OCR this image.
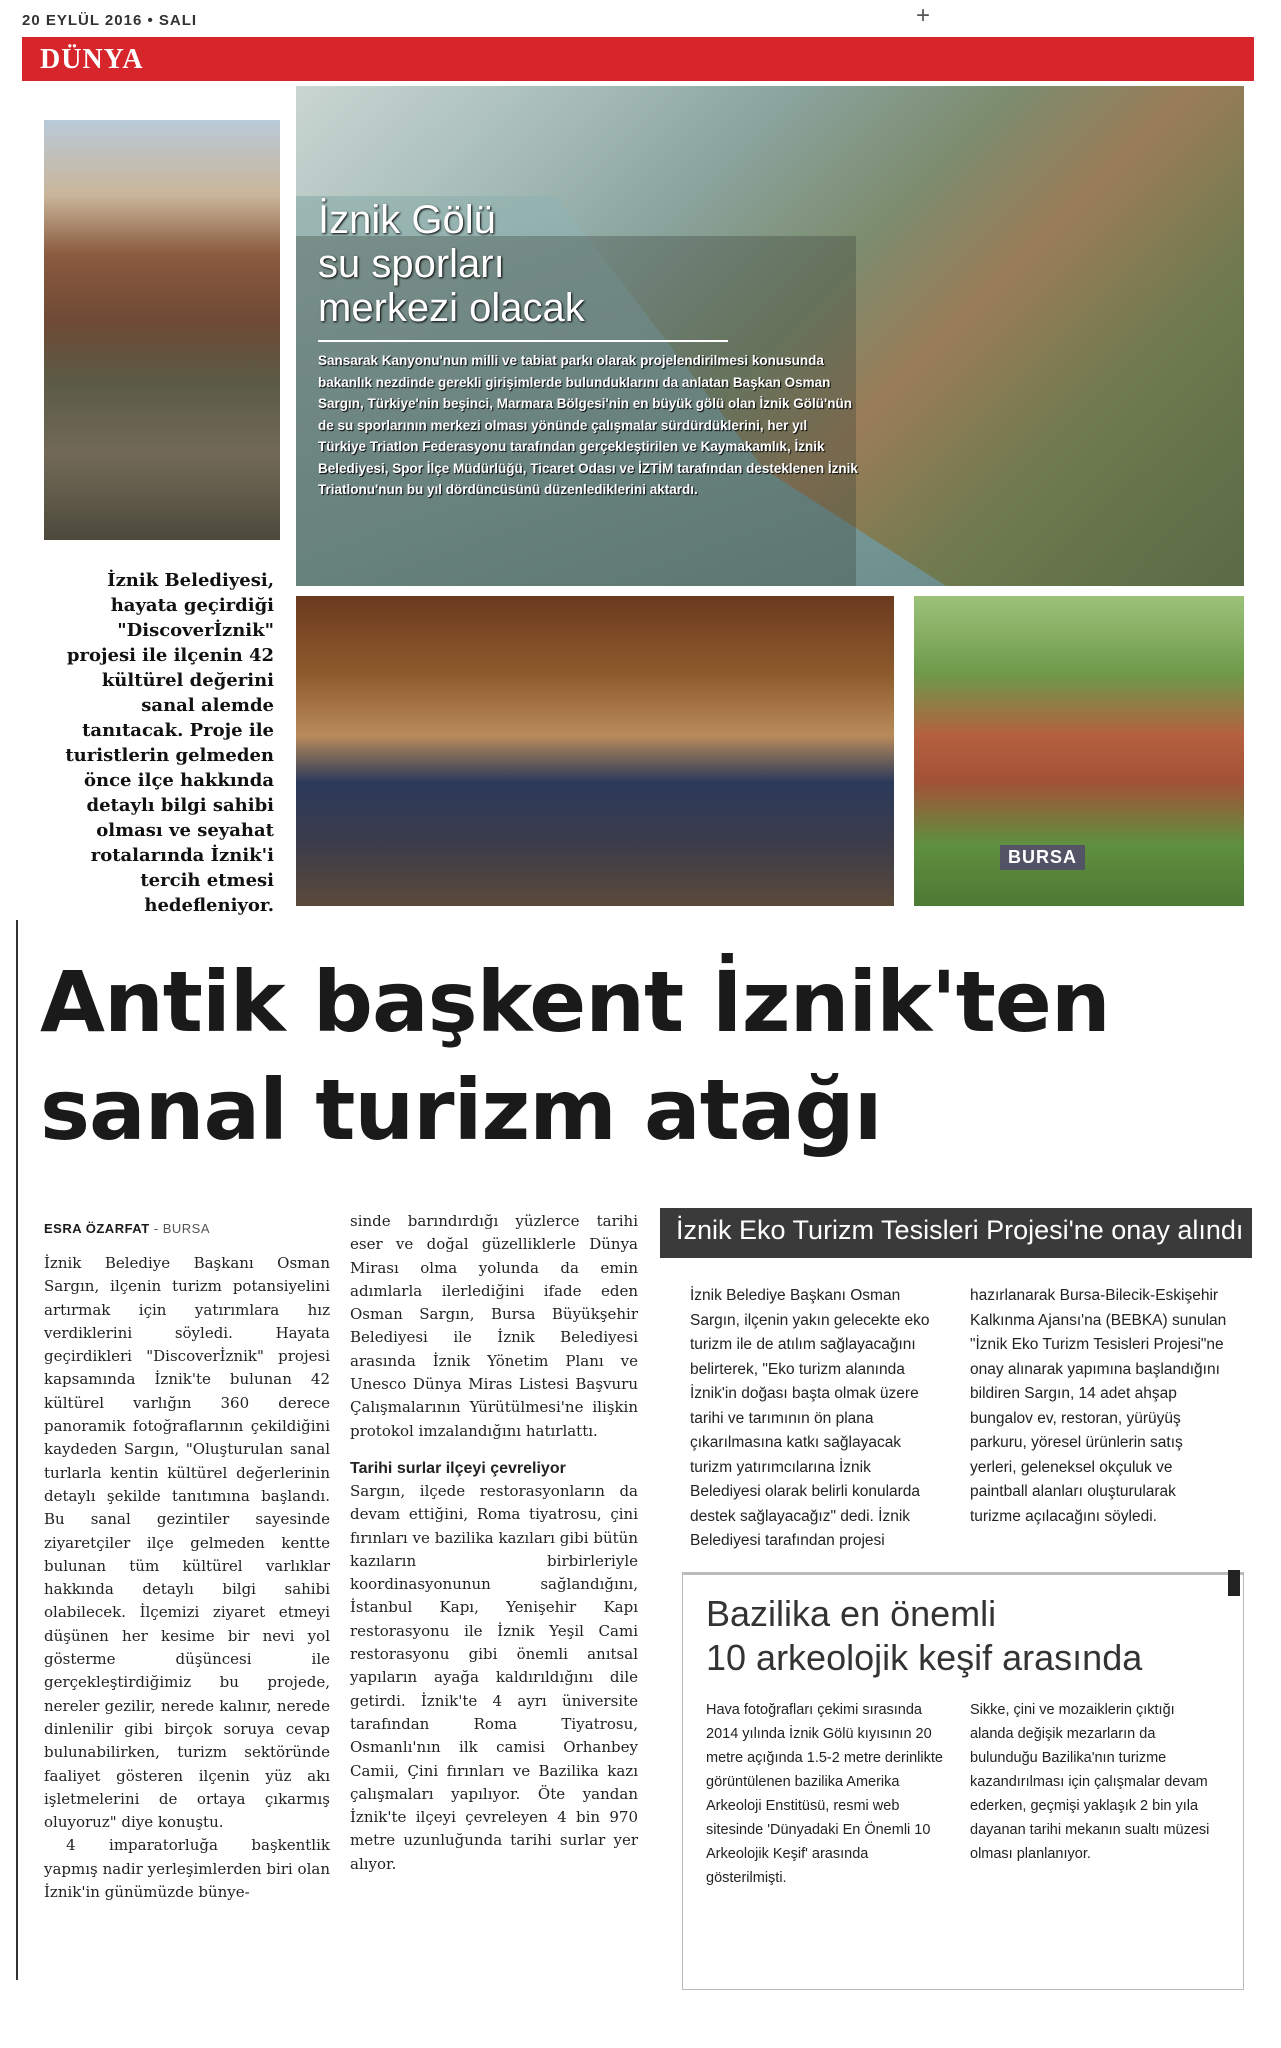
20 EYLÜL 2016 • SALI	+
DÜNYA
BURSA
İznik Gölü
su sporları
merkezi olacak
Sansarak Kanyonu'nun milli ve tabiat parkı olarak projelendirilmesi konusunda bakanlık nezdinde gerekli girişimlerde bulunduklarını da anlatan Başkan Osman Sargın, Türkiye'nin beşinci, Marmara Bölgesi'nin en büyük gölü olan İznik Gölü'nün de su sporlarının merkezi olması yönünde çalışmalar sürdürdüklerini, her yıl Türkiye Triatlon Federasyonu tarafından gerçekleştirilen ve Kaymakamlık, İznik Belediyesi, Spor İlçe Müdürlüğü, Ticaret Odası ve İZTİM tarafından desteklenen İznik Triatlonu'nun bu yıl dördüncüsünü düzenlediklerini aktardı.
İznik Belediyesi, hayata geçirdiği "Discoverİznik" projesi ile ilçenin 42 kültürel değerini sanal alemde tanıtacak. Proje ile turistlerin gelmeden önce ilçe hakkında detaylı bilgi sahibi olması ve seyahat rotalarında İznik'i tercih etmesi hedefleniyor.
Antik başkent İznik'ten
sanal turizm atağı
ESRA ÖZARFAT - BURSA

İznik Belediye Başkanı Osman Sargın, ilçenin turizm potansiyelini artırmak için yatırımlara hız verdiklerini söyledi. Hayata geçirdikleri "Discoverİznik" projesi kapsamında İznik'te bulunan 42 kültürel varlığın 360 derece panoramik fotoğraflarının çekildiğini kaydeden Sargın, "Oluşturulan sanal turlarla kentin kültürel değerlerinin detaylı şekilde tanıtımına başlandı. Bu sanal gezintiler sayesinde ziyaretçiler ilçe gelmeden kentte bulunan tüm kültürel varlıklar hakkında detaylı bilgi sahibi olabilecek. İlçemizi ziyaret etmeyi düşünen her kesime bir nevi yol gösterme düşüncesi ile gerçekleştirdiğimiz bu projede, nereler gezilir, nerede kalınır, nerede dinlenilir gibi birçok soruya cevap bulunabilirken, turizm sektöründe faaliyet gösteren ilçenin yüz akı işletmelerini de ortaya çıkarmış oluyoruz" diye konuştu.

4 imparatorluğa başkentlik yapmış nadir yerleşimlerden biri olan İznik'in günümüzde bünye-

sinde barındırdığı yüzlerce tarihi eser ve doğal güzelliklerle Dünya Mirası olma yolunda da emin adımlarla ilerlediğini ifade eden Osman Sargın, Bursa Büyükşehir Belediyesi ile İznik Belediyesi arasında İznik Yönetim Planı ve Unesco Dünya Miras Listesi Başvuru Çalışmalarının Yürütülmesi'ne ilişkin protokol imzalandığını hatırlattı.

Tarihi surlar ilçeyi çevreliyor

Sargın, ilçede restorasyonların da devam ettiğini, Roma tiyatrosu, çini fırınları ve bazilika kazıları gibi bütün kazıların birbirleriyle koordinasyonunun sağlandığını, İstanbul Kapı, Yenişehir Kapı restorasyonu ile İznik Yeşil Cami restorasyonu gibi önemli anıtsal yapıların ayağa kaldırıldığını dile getirdi. İznik'te 4 ayrı üniversite tarafından Roma Tiyatrosu, Osmanlı'nın ilk camisi Orhanbey Camii, Çini fırınları ve Bazilika kazı çalışmaları yapılıyor. Öte yandan İznik'te ilçeyi çevreleyen 4 bin 970 metre uzunluğunda tarihi surlar yer alıyor.

İznik Eko Turizm Tesisleri Projesi'ne onay alındı
İznik Belediye Başkanı Osman Sargın, ilçenin yakın gelecekte eko turizm ile de atılım sağlayacağını belirterek, "Eko turizm alanında İznik'in doğası başta olmak üzere tarihi ve tarımının ön plana çıkarılmasına katkı sağlayacak turizm yatırımcılarına İznik Belediyesi olarak belirli konularda destek sağlayacağız" dedi. İznik Belediyesi tarafından projesi
hazırlanarak Bursa-Bilecik-Eskişehir Kalkınma Ajansı'na (BEBKA) sunulan "İznik Eko Turizm Tesisleri Projesi"ne onay alınarak yapımına başlandığını bildiren Sargın, 14 adet ahşap bungalov ev, restoran, yürüyüş parkuru, yöresel ürünlerin satış yerleri, geleneksel okçuluk ve paintball alanları oluşturularak turizme açılacağını söyledi.
Bazilika en önemli
10 arkeolojik keşif arasında
Hava fotoğrafları çekimi sırasında 2014 yılında İznik Gölü kıyısının 20 metre açığında 1.5-2 metre derinlikte görüntülenen bazilika Amerika Arkeoloji Enstitüsü, resmi web sitesinde 'Dünyadaki En Önemli 10 Arkeolojik Keşif' arasında gösterilmişti.
Sikke, çini ve mozaiklerin çıktığı alanda değişik mezarların da bulunduğu Bazilika'nın turizme kazandırılması için çalışmalar devam ederken, geçmişi yaklaşık 2 bin yıla dayanan tarihi mekanın sualtı müzesi olması planlanıyor.
